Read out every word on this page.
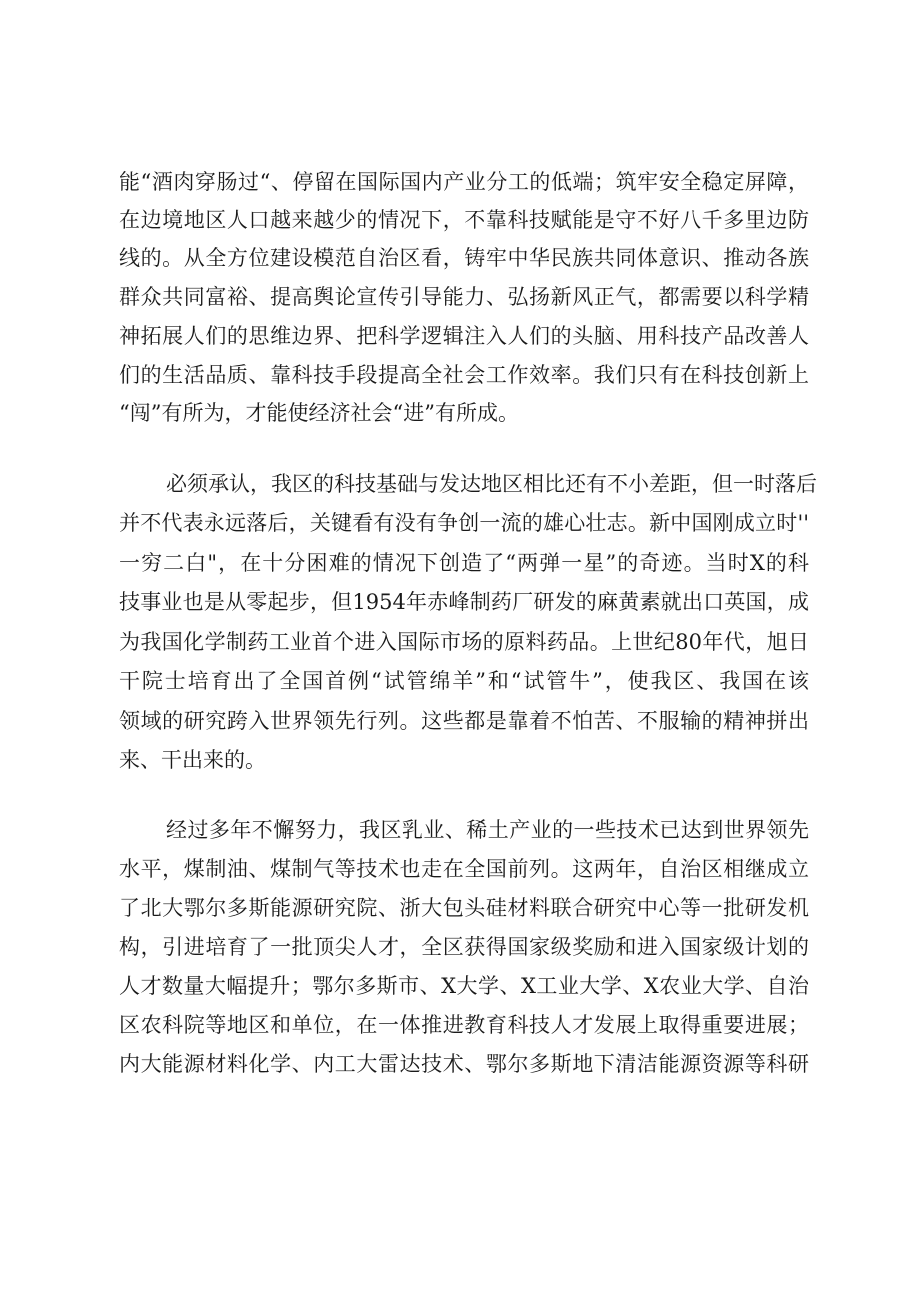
能“酒肉穿肠过“、停留在国际国内产业分工的低端；筑牢安全稳定屏障，
在边境地区人口越来越少的情况下，不靠科技赋能是守不好八千多里边防
线的。从全方位建设模范自治区看，铸牢中华民族共同体意识、推动各族
群众共同富裕、提高舆论宣传引导能力、弘扬新风正气，都需要以科学精
神拓展人们的思维边界、把科学逻辑注入人们的头脑、用科技产品改善人
们的生活品质、靠科技手段提高全社会工作效率。我们只有在科技创新上
“闯”有所为，才能使经济社会“进”有所成。
必须承认，我区的科技基础与发达地区相比还有不小差距，但一时落后
并不代表永远落后，关键看有没有争创一流的雄心壮志。新中国刚成立时''
一穷二白"，在十分困难的情况下创造了“两弹一星”的奇迹。当时X的科
技事业也是从零起步，但1954年赤峰制药厂研发的麻黄素就出口英国，成
为我国化学制药工业首个进入国际市场的原料药品。上世纪80年代，旭日
干院士培育出了全国首例“试管绵羊”和“试管牛”，使我区、我国在该
领域的研究跨入世界领先行列。这些都是靠着不怕苦、不服输的精神拼出
来、干出来的。
经过多年不懈努力，我区乳业、稀土产业的一些技术已达到世界领先
水平，煤制油、煤制气等技术也走在全国前列。这两年，自治区相继成立
了北大鄂尔多斯能源研究院、浙大包头硅材料联合研究中心等一批研发机
构，引进培育了一批顶尖人才，全区获得国家级奖励和进入国家级计划的
人才数量大幅提升；鄂尔多斯市、X大学、X工业大学、X农业大学、自治
区农科院等地区和单位，在一体推进教育科技人才发展上取得重要进展；
内大能源材料化学、内工大雷达技术、鄂尔多斯地下清洁能源资源等科研
